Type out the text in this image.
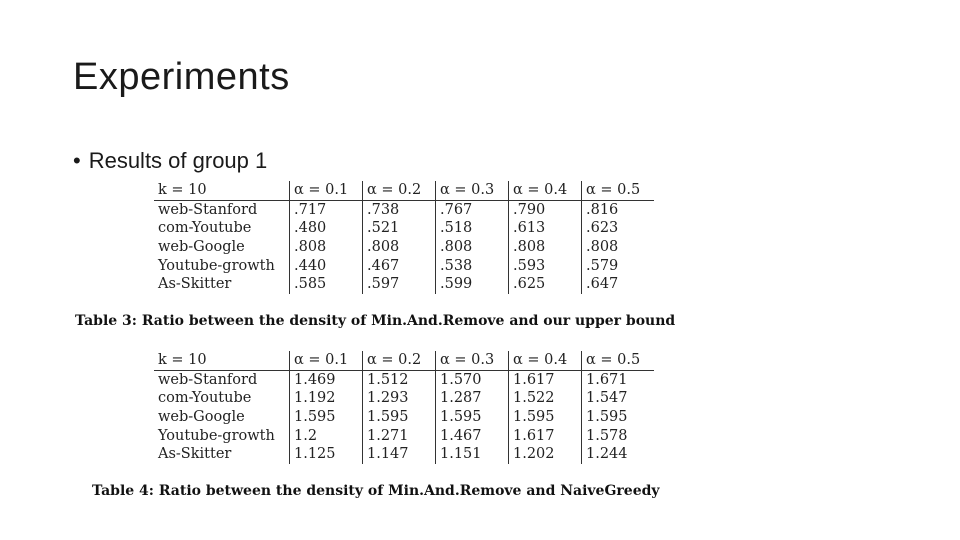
Experiments
• Results of group 1
k = 10	α = 0.1	α = 0.2	α = 0.3	α = 0.4	α = 0.5
web-Stanford	.717	.738	.767	.790	.816
com-Youtube	.480	.521	.518	.613	.623
web-Google	.808	.808	.808	.808	.808
Youtube-growth	.440	.467	.538	.593	.579
As-Skitter	.585	.597	.599	.625	.647
Table 3: Ratio between the density of Min.And.Remove and our upper bound
k = 10	α = 0.1	α = 0.2	α = 0.3	α = 0.4	α = 0.5
web-Stanford	1.469	1.512	1.570	1.617	1.671
com-Youtube	1.192	1.293	1.287	1.522	1.547
web-Google	1.595	1.595	1.595	1.595	1.595
Youtube-growth	1.2	1.271	1.467	1.617	1.578
As-Skitter	1.125	1.147	1.151	1.202	1.244
Table 4: Ratio between the density of Min.And.Remove and NaiveGreedy
